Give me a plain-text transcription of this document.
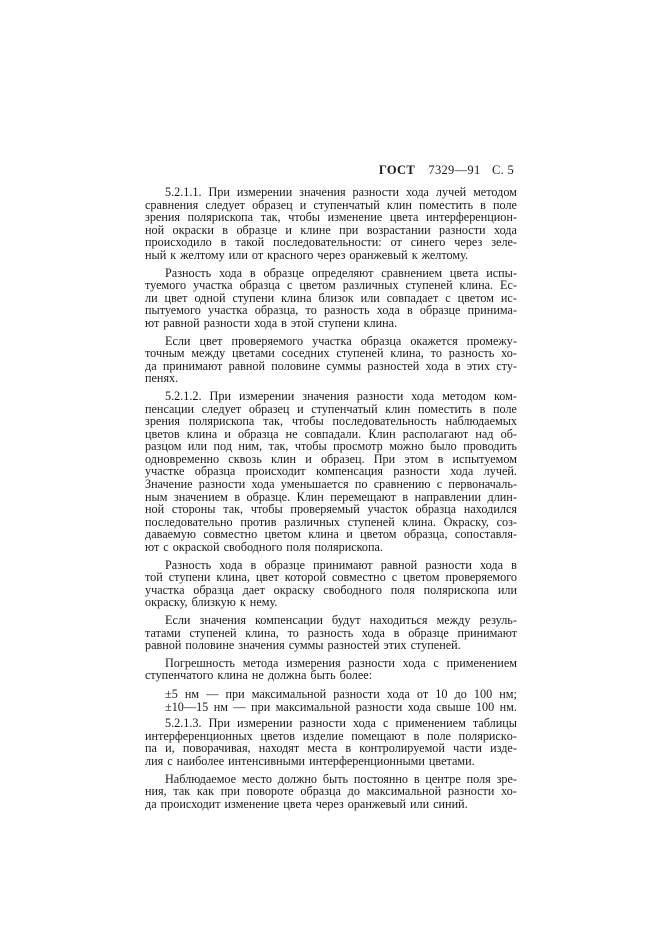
ГОСТ 7329—91 С. 5
5.2.1.1. При измерении значения разности хода лучей методом
сравнения следует образец и ступенчатый клин поместить в поле
зрения полярископа так, чтобы изменение цвета интерференцион-
ной окраски в образце и клине при возрастании разности хода
происходило в такой последовательности: от синего через зеле-
ный к желтому или от красного через оранжевый к желтому.
Разность хода в образце определяют сравнением цвета испы-
туемого участка образца с цветом различных ступеней клина. Ес-
ли цвет одной ступени клина близок или совпадает с цветом ис-
пытуемого участка образца, то разность хода в образце принима-
ют равной разности хода в этой ступени клина.
Если цвет проверяемого участка образца окажется промежу-
точным между цветами соседних ступеней клина, то разность хо-
да принимают равной половине суммы разностей хода в этих сту-
пенях.
5.2.1.2. При измерении значения разности хода методом ком-
пенсации следует образец и ступенчатый клин поместить в поле
зрения полярископа так, чтобы последовательность наблюдаемых
цветов клина и образца не совпадали. Клин располагают над об-
разцом или под ним, так, чтобы просмотр можно было проводить
одновременно сквозь клин и образец. При этом в испытуемом
участке образца происходит компенсация разности хода лучей.
Значение разности хода уменьшается по сравнению с первоначаль-
ным значением в образце. Клин перемещают в направлении длин-
ной стороны так, чтобы проверяемый участок образца находился
последовательно против различных ступеней клина. Окраску, соз-
даваемую совместно цветом клина и цветом образца, сопоставля-
ют с окраской свободного поля полярископа.
Разность хода в образце принимают равной разности хода в
той ступени клина, цвет которой совместно с цветом проверяемого
участка образца дает окраску свободного поля полярископа или
окраску, близкую к нему.
Если значения компенсации будут находиться между резуль-
татами ступеней клина, то разность хода в образце принимают
равной половине значения суммы разностей этих ступеней.
Погрешность метода измерения разности хода с применением
ступенчатого клина не должна быть более:
±5 нм — при максимальной разности хода от 10 до 100 нм;
±10—15 нм — при максимальной разности хода свыше 100 нм.
5.2.1.3. При измерении разности хода с применением таблицы
интерференционных цветов изделие помещают в поле полярискo-
па и, поворачивая, находят места в контролируемой части изде-
лия с наиболее интенсивными интерференционными цветами.
Наблюдаемое место должно быть постоянно в центре поля зре-
ния, так как при повороте образца до максимальной разности хо-
да происходит изменение цвета через оранжевый или синий.
